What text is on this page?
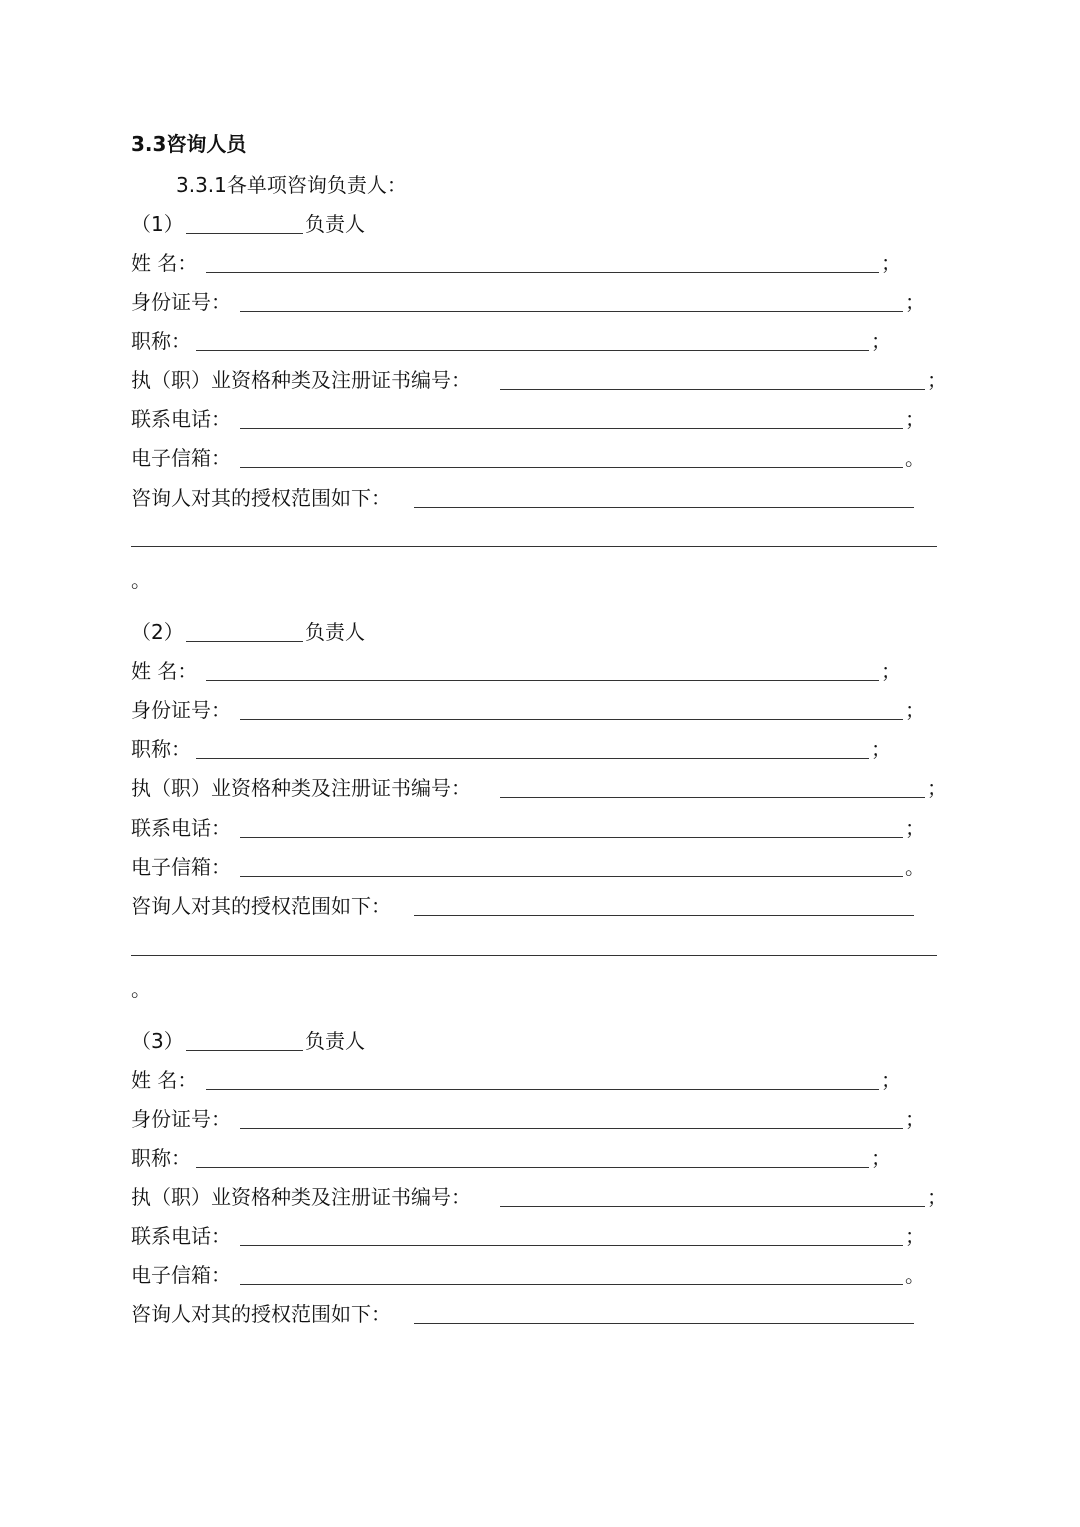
3.3咨询人员
3.3.1各单项咨询负责人：
（1）	负责人
姓 名：	；
身份证号：	；
职称：	；
执（职）业资格种类及注册证书编号：	；
联系电话：	；
电子信箱：	。
咨询人对其的授权范围如下：
。
（2）	负责人
姓 名：	；
身份证号：	；
职称：	；
执（职）业资格种类及注册证书编号：	；
联系电话：	；
电子信箱：	。
咨询人对其的授权范围如下：
。
（3）	负责人
姓 名：	；
身份证号：	；
职称：	；
执（职）业资格种类及注册证书编号：	；
联系电话：	；
电子信箱：	。
咨询人对其的授权范围如下：
